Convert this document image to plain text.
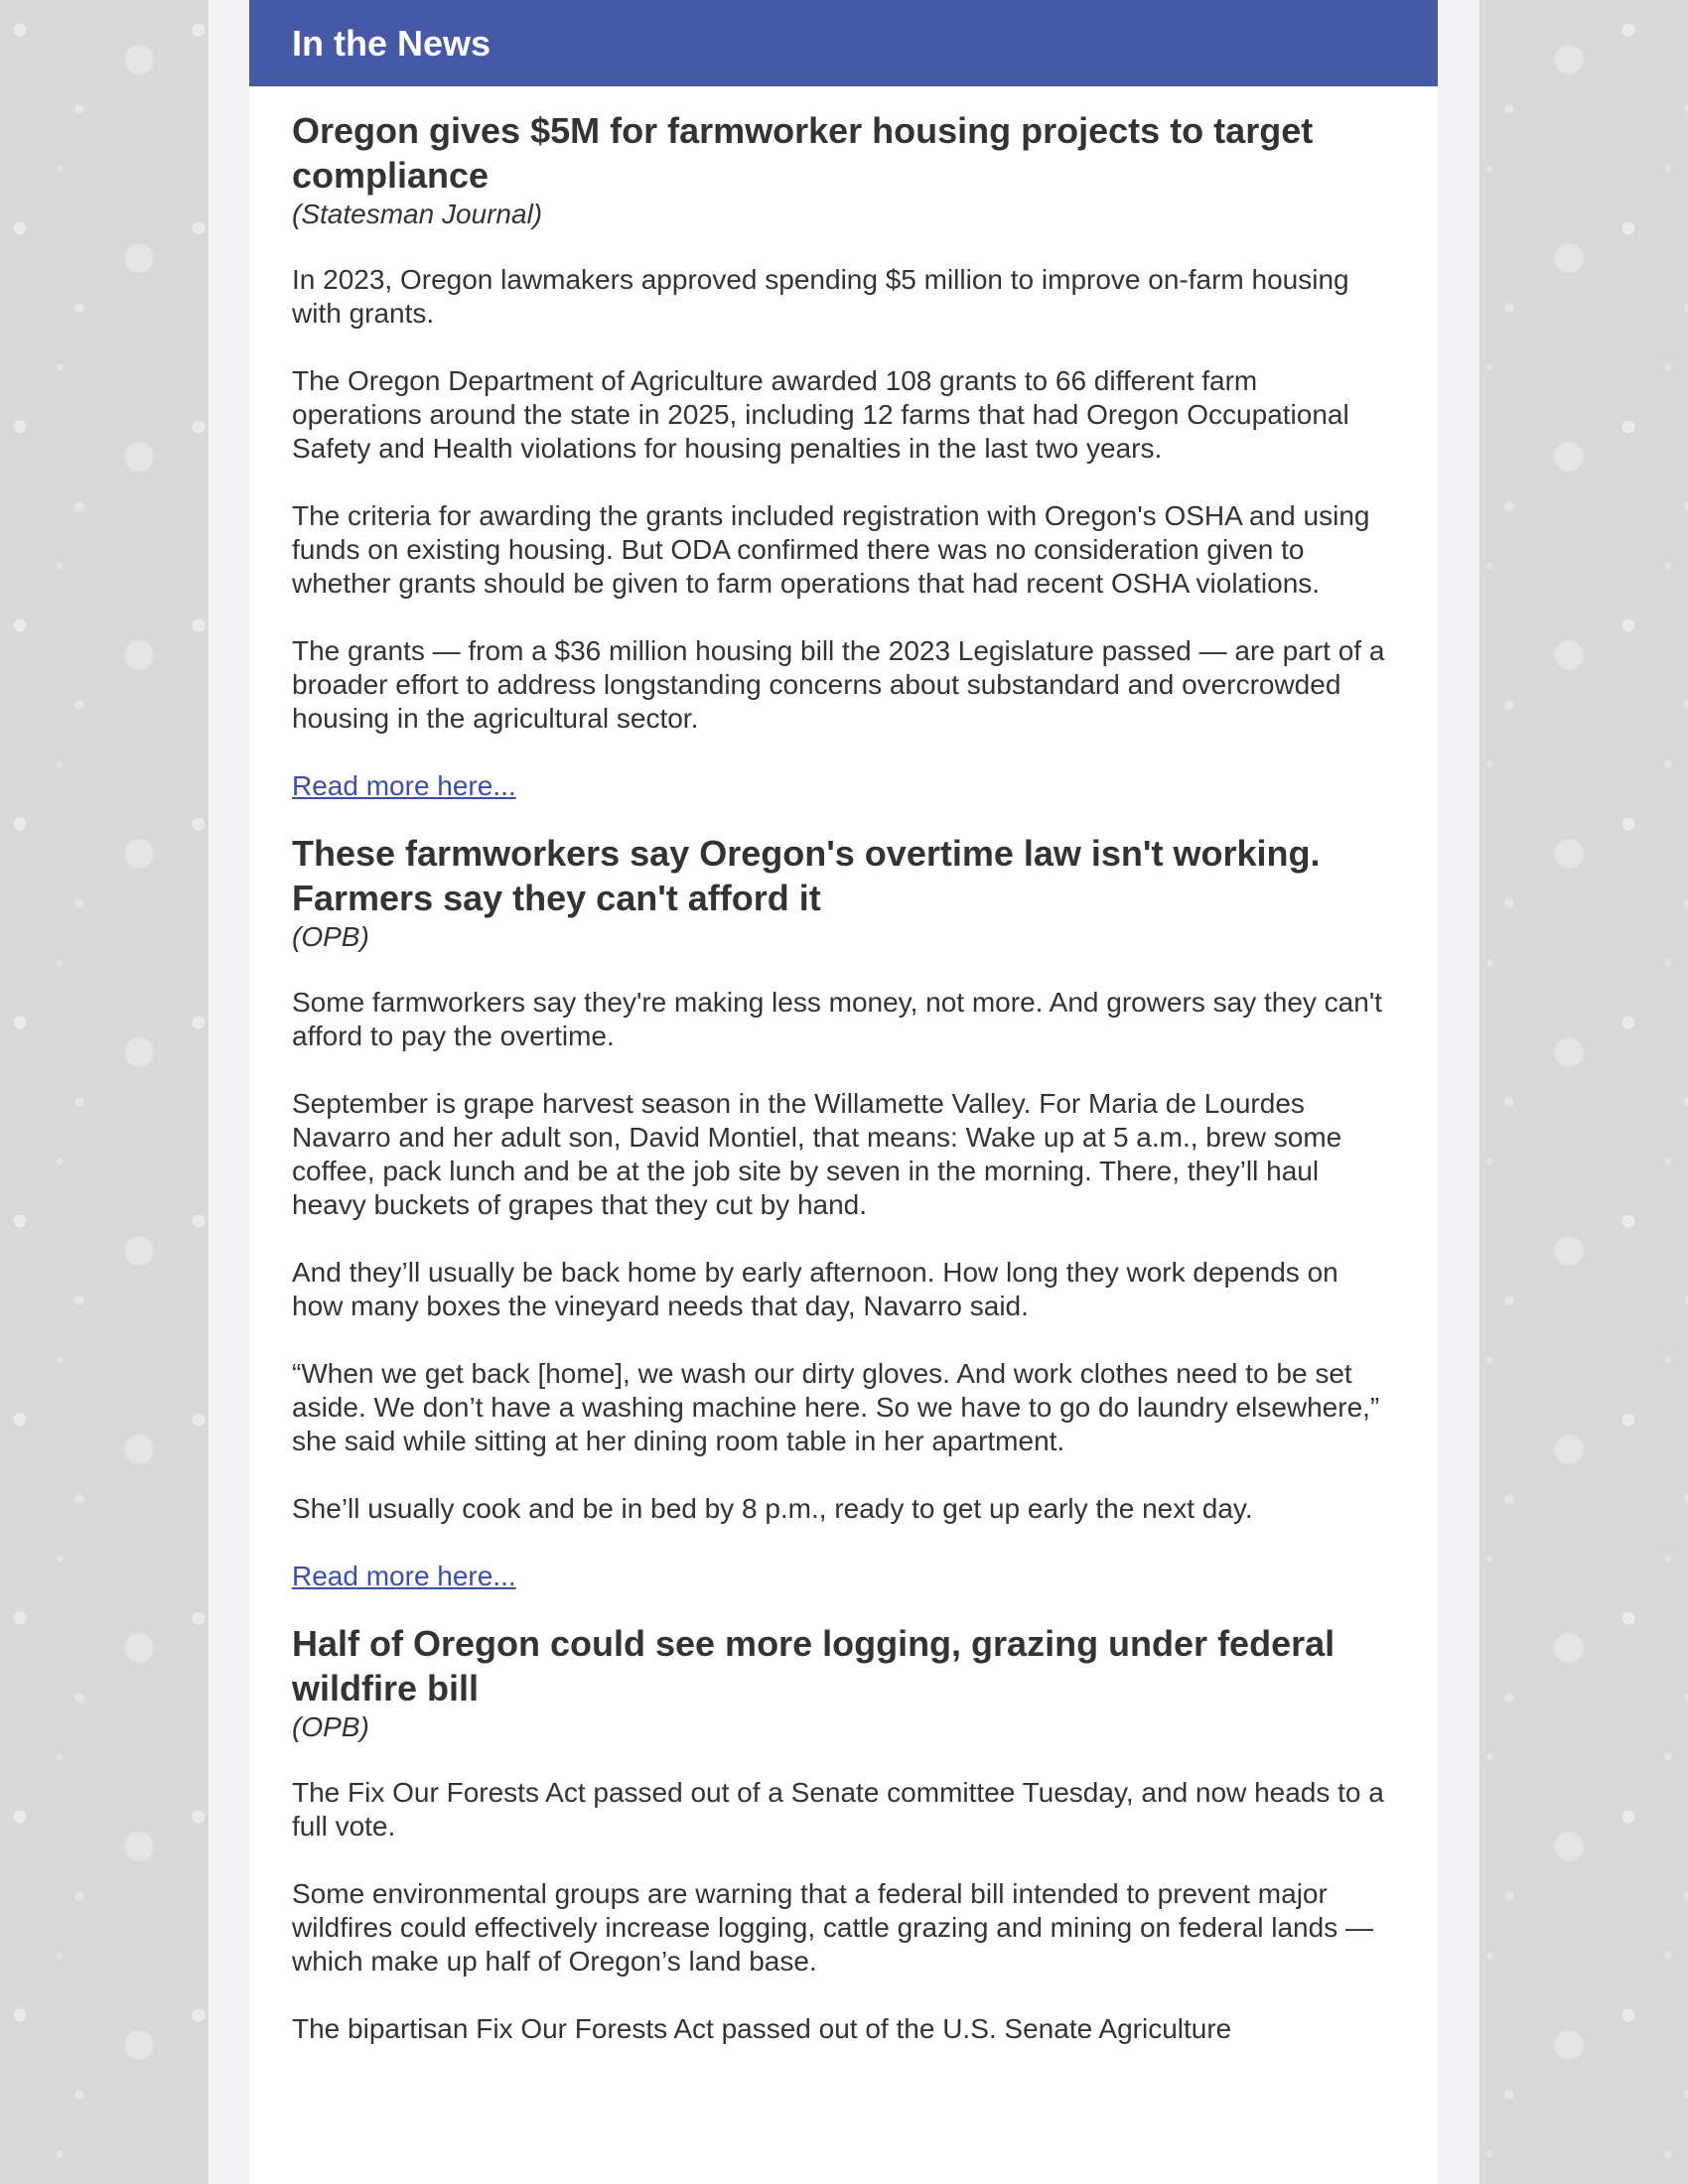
In the News
Oregon gives $5M for farmworker housing projects to target compliance

(Statesman Journal)

In 2023, Oregon lawmakers approved spending $5 million to improve on-farm housing with grants.

The Oregon Department of Agriculture awarded 108 grants to 66 different farm operations around the state in 2025, including 12 farms that had Oregon Occupational Safety and Health violations for housing penalties in the last two years.

The criteria for awarding the grants included registration with Oregon's OSHA and using funds on existing housing. But ODA confirmed there was no consideration given to whether grants should be given to farm operations that had recent OSHA violations.

The grants — from a $36 million housing bill the 2023 Legislature passed — are part of a broader effort to address longstanding concerns about substandard and overcrowded housing in the agricultural sector.

Read more here...
These farmworkers say Oregon's overtime law isn't working. Farmers say they can't afford it

(OPB)

Some farmworkers say they're making less money, not more. And growers say they can't afford to pay the overtime.

September is grape harvest season in the Willamette Valley. For Maria de Lourdes Navarro and her adult son, David Montiel, that means: Wake up at 5 a.m., brew some coffee, pack lunch and be at the job site by seven in the morning. There, they’ll haul heavy buckets of grapes that they cut by hand.

And they’ll usually be back home by early afternoon. How long they work depends on how many boxes the vineyard needs that day, Navarro said.

“When we get back [home], we wash our dirty gloves. And work clothes need to be set aside. We don’t have a washing machine here. So we have to go do laundry elsewhere,” she said while sitting at her dining room table in her apartment.

She’ll usually cook and be in bed by 8 p.m., ready to get up early the next day.

Read more here...
Half of Oregon could see more logging, grazing under federal wildfire bill

(OPB)

The Fix Our Forests Act passed out of a Senate committee Tuesday, and now heads to a full vote.

Some environmental groups are warning that a federal bill intended to prevent major wildfires could effectively increase logging, cattle grazing and mining on federal lands — which make up half of Oregon’s land base.

The bipartisan Fix Our Forests Act passed out of the U.S. Senate Agriculture
